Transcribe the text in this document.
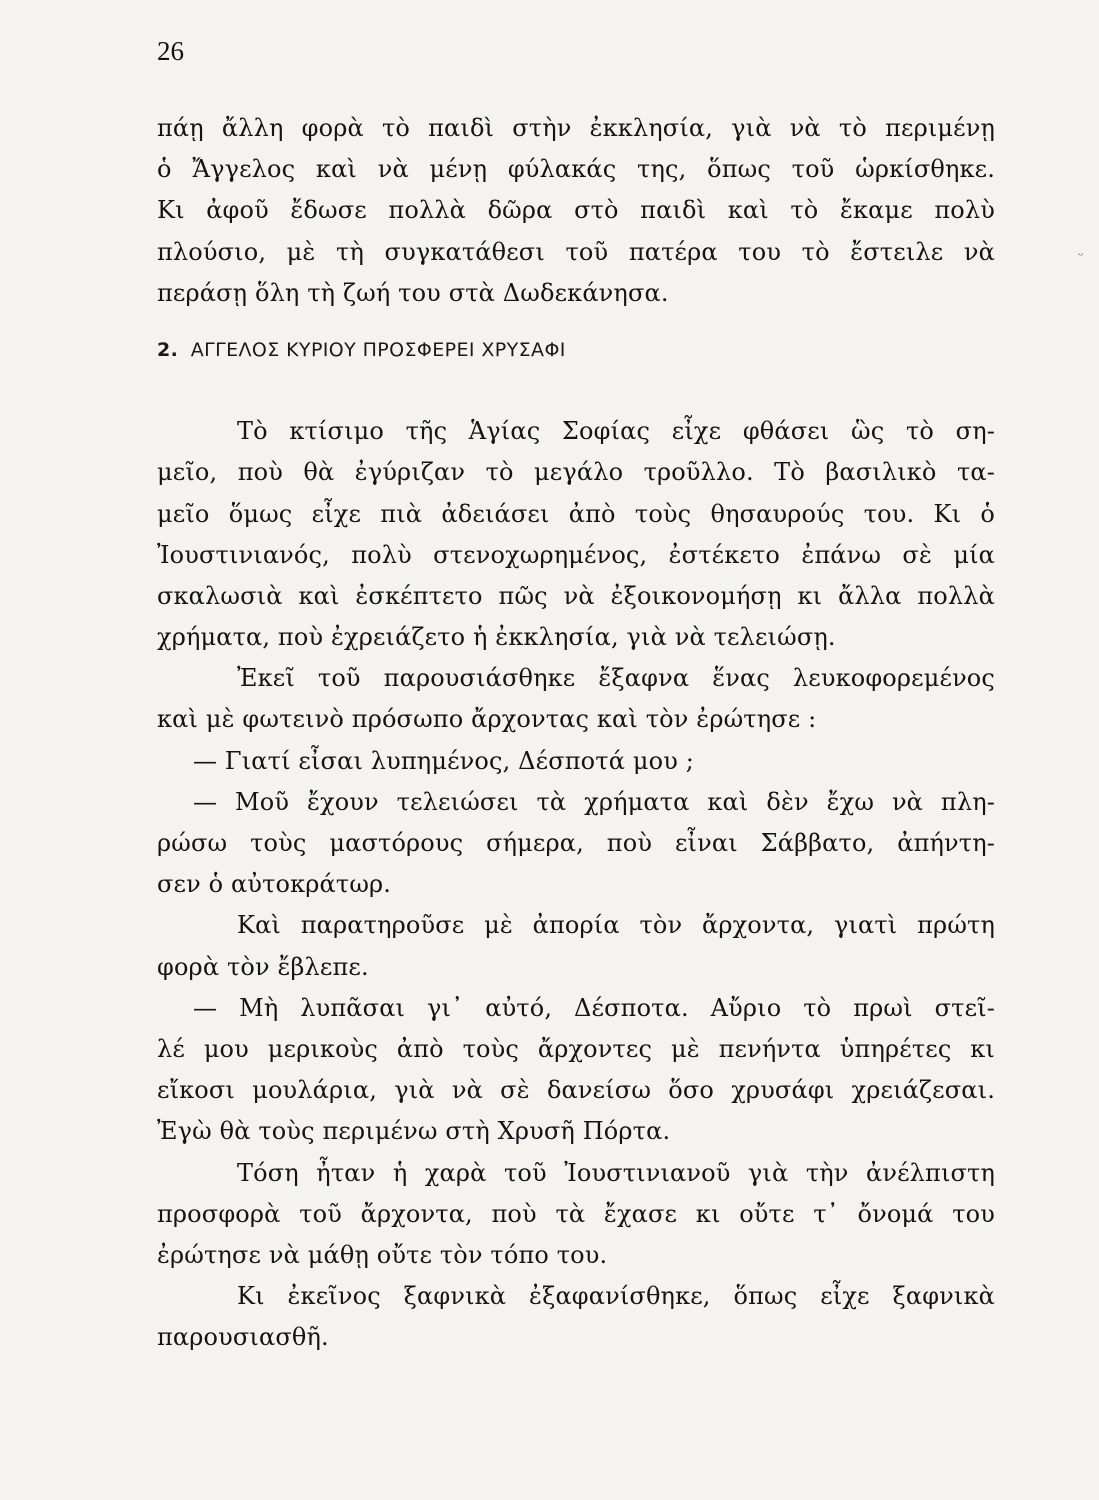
26
πάῃ ἄλλη φορὰ τὸ παιδὶ στὴν ἐκκλησία, γιὰ νὰ τὸ περιμένῃ
ὁ Ἄγγελος καὶ νὰ μένῃ φύλακάς της, ὅπως τοῦ ὡρκίσθηκε.
Κι ἀφοῦ ἔδωσε πολλὰ δῶρα στὸ παιδὶ καὶ τὸ ἔκαμε πολὺ
πλούσιο, μὲ τὴ συγκατάθεσι τοῦ πατέρα του τὸ ἔστειλε νὰ
περάσῃ ὅλη τὴ ζωή του στὰ Δωδεκάνησα.
2. ΑΓΓΕΛΟΣ ΚΥΡΙΟΥ ΠΡΟΣΦΕΡΕΙ ΧΡΥΣΑΦΙ
Τὸ κτίσιμο τῆς Ἁγίας Σοφίας εἶχε φθάσει ὣς τὸ ση-
μεῖο, ποὺ θὰ ἐγύριζαν τὸ μεγάλο τροῦλλο. Τὸ βασιλικὸ τα-
μεῖο ὅμως εἶχε πιὰ ἀδειάσει ἀπὸ τοὺς θησαυρούς του. Κι ὁ
Ἰουστινιανός, πολὺ στενοχωρημένος, ἐστέκετο ἐπάνω σὲ μία
σκαλωσιὰ καὶ ἐσκέπτετο πῶς νὰ ἐξοικονομήσῃ κι ἄλλα πολλὰ
χρήματα, ποὺ ἐχρειάζετο ἡ ἐκκλησία, γιὰ νὰ τελειώσῃ.
Ἐκεῖ τοῦ παρουσιάσθηκε ἔξαφνα ἕνας λευκοφορεμένος
καὶ μὲ φωτεινὸ πρόσωπο ἄρχοντας καὶ τὸν ἐρώτησε :
— Γιατί εἶσαι λυπημένος, Δέσποτά μου ;
— Μοῦ ἔχουν τελειώσει τὰ χρήματα καὶ δὲν ἔχω νὰ πλη-
ρώσω τοὺς μαστόρους σήμερα, ποὺ εἶναι Σάββατο, ἀπήντη-
σεν ὁ αὐτοκράτωρ.
Καὶ παρατηροῦσε μὲ ἀπορία τὸν ἄρχοντα, γιατὶ πρώτη
φορὰ τὸν ἔβλεπε.
— Μὴ λυπᾶσαι γι᾿ αὐτό, Δέσποτα. Αὔριο τὸ πρωὶ στεῖ-
λέ μου μερικοὺς ἀπὸ τοὺς ἄρχοντες μὲ πενήντα ὑπηρέτες κι
εἴκοσι μουλάρια, γιὰ νὰ σὲ δανείσω ὅσο χρυσάφι χρειάζεσαι.
Ἐγὼ θὰ τοὺς περιμένω στὴ Χρυσῆ Πόρτα.
Τόση ἦταν ἡ χαρὰ τοῦ Ἰουστινιανοῦ γιὰ τὴν ἀνέλπιστη
προσφορὰ τοῦ ἄρχοντα, ποὺ τὰ ἔχασε κι οὔτε τ᾿ ὄνομά του
ἐρώτησε νὰ μάθῃ οὔτε τὸν τόπο του.
Κι ἐκεῖνος ξαφνικὰ ἐξαφανίσθηκε, ὅπως εἶχε ξαφνικὰ
παρουσιασθῆ.
ᵕ
